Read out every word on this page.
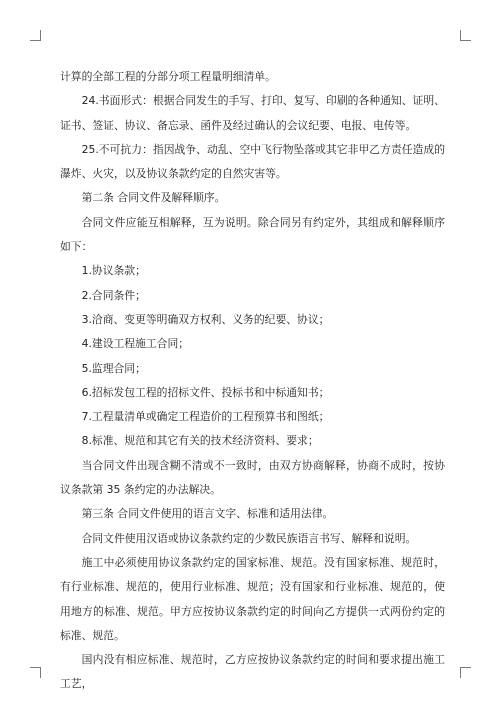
计算的全部工程的分部分项工程量明细清单。

24.书面形式：根据合同发生的手写、打印、复写、印刷的各种通知、证明、证书、签证、协议、备忘录、函件及经过确认的会议纪要、电报、电传等。

25.不可抗力：指因战争、动乱、空中飞行物坠落或其它非甲乙方责任造成的瀑炸、火灾，以及协议条款约定的自然灾害等。

第二条 合同文件及解释顺序。

合同文件应能互相解释，互为说明。除合同另有约定外，其组成和解释顺序如下：

1.协议条款；

2.合同条件；

3.洽商、变更等明确双方权利、义务的纪要、协议；

4.建设工程施工合同；

5.监理合同；

6.招标发包工程的招标文件、投标书和中标通知书；

7.工程量清单或确定工程造价的工程预算书和图纸；

8.标准、规范和其它有关的技术经济资料、要求；

当合同文件出现含糊不清或不一致时，由双方协商解释，协商不成时，按协议条款第 35 条约定的办法解决。

第三条 合同文件使用的语言文字、标准和适用法律。

合同文件使用汉语或协议条款约定的少数民族语言书写、解释和说明。

施工中必须使用协议条款约定的国家标准、规范。没有国家标准、规范时，有行业标准、规范的，使用行业标准、规范；没有国家和行业标准、规范的，使用地方的标准、规范。甲方应按协议条款约定的时间向乙方提供一式两份约定的标准、规范。

国内没有相应标准、规范时，乙方应按协议条款约定的时间和要求提出施工工艺，
